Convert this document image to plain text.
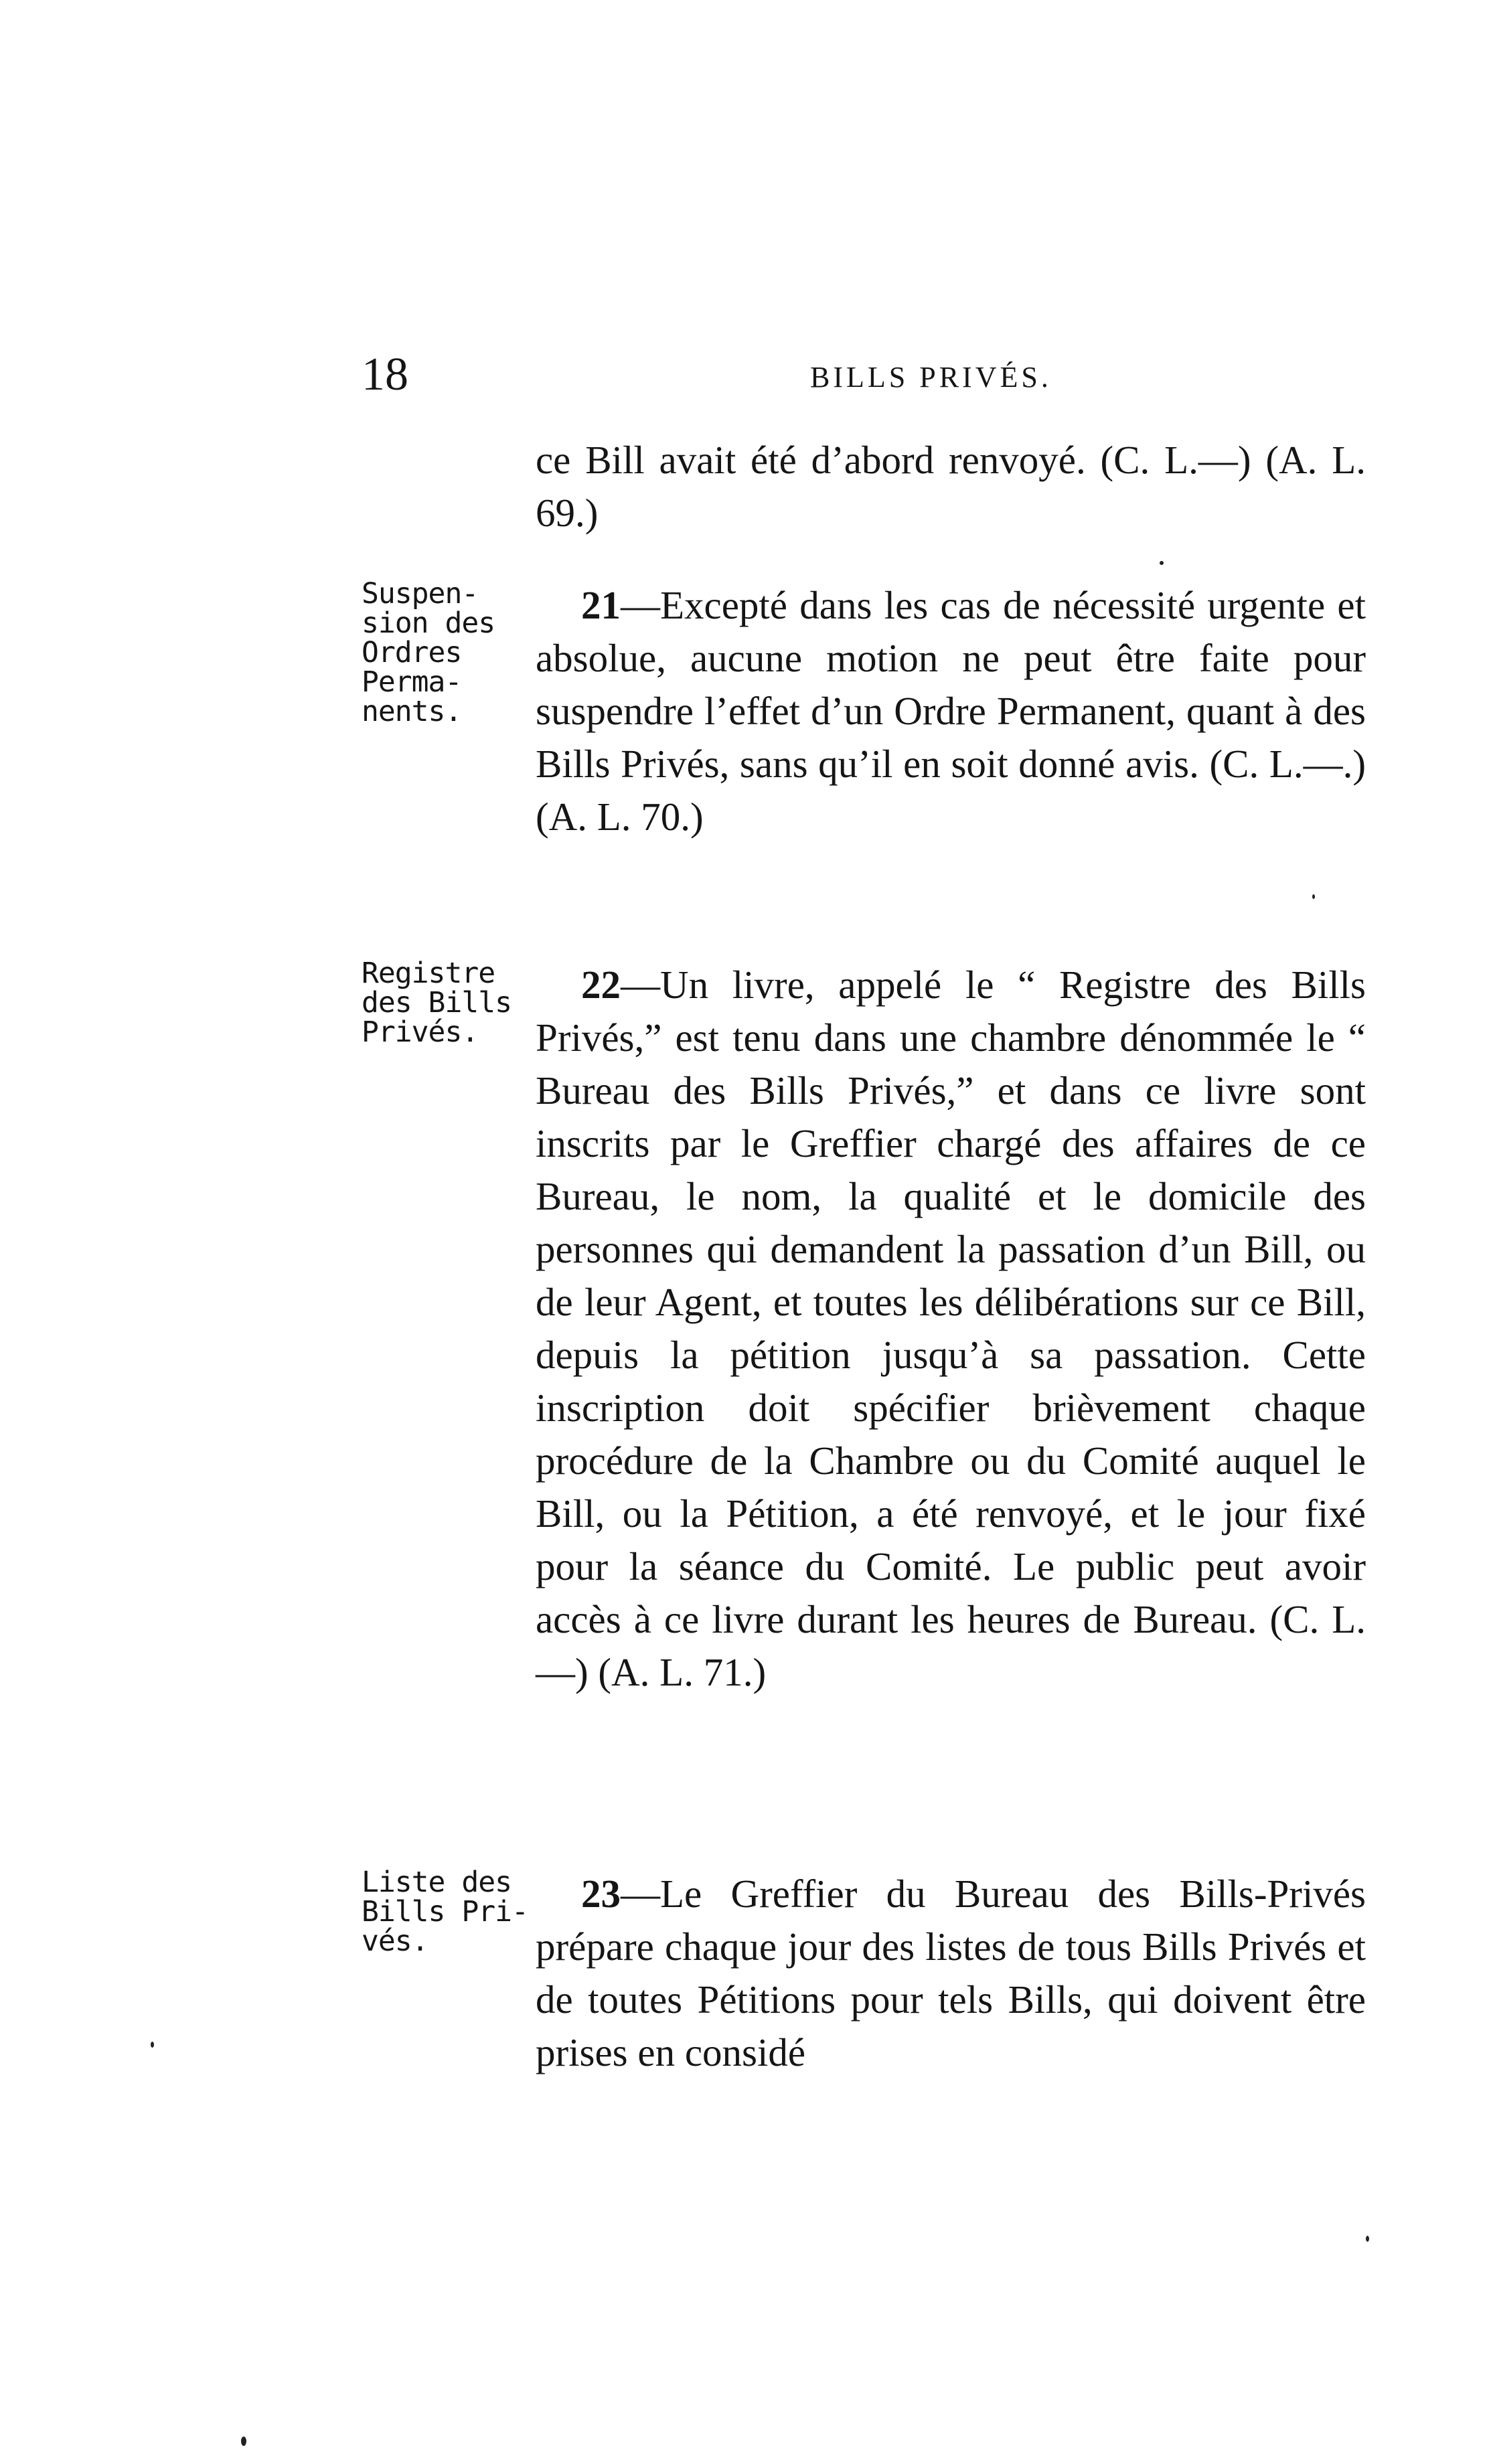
18	BILLS PRIVÉS.

ce Bill avait été d’abord renvoyé. (C. L.—) (A. L. 69.)

Suspen-
sion des
Ordres
Perma-
nents.

21—Excepté dans les cas de nécessité urgente et absolue, aucune motion ne peut être faite pour suspendre l’effet d’un Ordre Permanent, quant à des Bills Privés, sans qu’il en soit donné avis. (C. L.—.) (A. L. 70.)

Registre
des Bills
Privés.

22—Un livre, appelé le “ Registre des Bills Privés,” est tenu dans une chambre dénommée le “ Bureau des Bills Privés,” et dans ce livre sont inscrits par le Greffier chargé des affaires de ce Bureau, le nom, la qualité et le domicile des personnes qui demandent la passation d’un Bill, ou de leur Agent, et toutes les délibérations sur ce Bill, depuis la pétition jusqu’à sa passation. Cette inscription doit spécifier brièvement chaque procédure de la Chambre ou du Comité auquel le Bill, ou la Pétition, a été renvoyé, et le jour fixé pour la séance du Comité. Le public peut avoir accès à ce livre durant les heures de Bureau. (C. L.—) (A. L. 71.)

Liste des
Bills Pri-
vés.

23—Le Greffier du Bureau des Bills-Privés prépare chaque jour des listes de tous Bills Privés et de toutes Pétitions pour tels Bills, qui doivent être prises en considé
